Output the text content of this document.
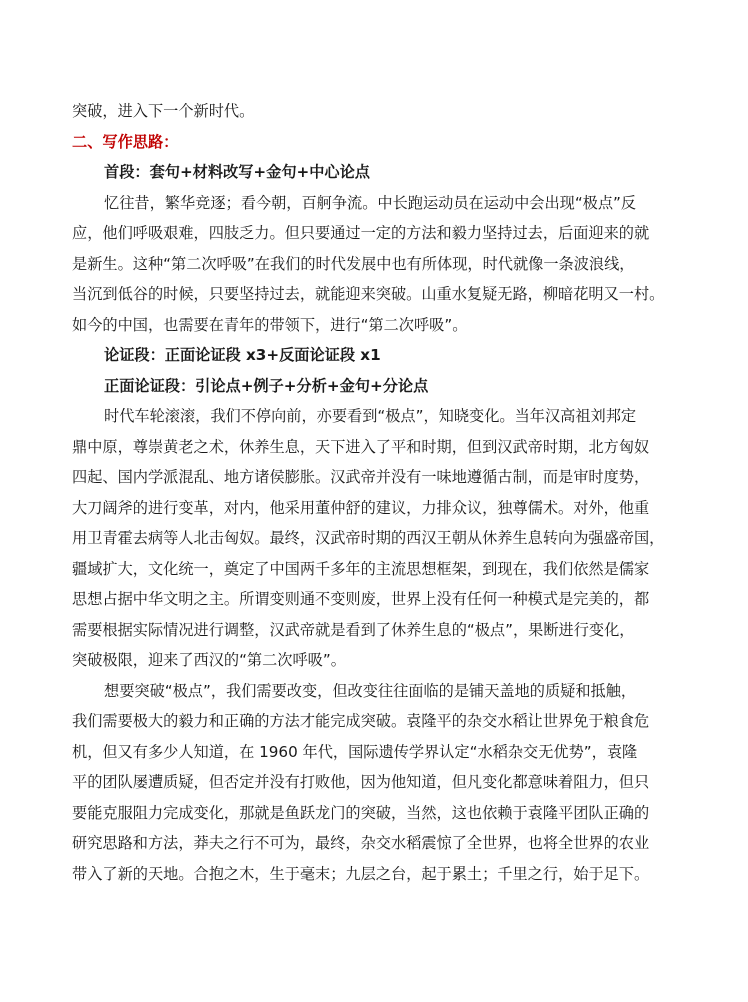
突破，进入下一个新时代。
二、写作思路：
首段：套句+材料改写+金句+中心论点
忆往昔，繁华竞逐；看今朝，百舸争流。中长跑运动员在运动中会出现“极点”反
应，他们呼吸艰难，四肢乏力。但只要通过一定的方法和毅力坚持过去，后面迎来的就
是新生。这种“第二次呼吸”在我们的时代发展中也有所体现，时代就像一条波浪线，
当沉到低谷的时候，只要坚持过去，就能迎来突破。山重水复疑无路，柳暗花明又一村。
如今的中国，也需要在青年的带领下，进行“第二次呼吸”。
论证段：正面论证段 x3+反面论证段 x1
正面论证段：引论点+例子+分析+金句+分论点
时代车轮滚滚，我们不停向前，亦要看到“极点”，知晓变化。当年汉高祖刘邦定
鼎中原，尊崇黄老之术，休养生息，天下进入了平和时期，但到汉武帝时期，北方匈奴
四起、国内学派混乱、地方诸侯膨胀。汉武帝并没有一味地遵循古制，而是审时度势，
大刀阔斧的进行变革，对内，他采用董仲舒的建议，力排众议，独尊儒术。对外，他重
用卫青霍去病等人北击匈奴。最终，汉武帝时期的西汉王朝从休养生息转向为强盛帝国，
疆域扩大，文化统一，奠定了中国两千多年的主流思想框架，到现在，我们依然是儒家
思想占据中华文明之主。所谓变则通不变则废，世界上没有任何一种模式是完美的，都
需要根据实际情况进行调整，汉武帝就是看到了休养生息的“极点”，果断进行变化，
突破极限，迎来了西汉的“第二次呼吸”。
想要突破“极点”，我们需要改变，但改变往往面临的是铺天盖地的质疑和抵触，
我们需要极大的毅力和正确的方法才能完成突破。袁隆平的杂交水稻让世界免于粮食危
机，但又有多少人知道，在 1960 年代，国际遗传学界认定“水稻杂交无优势”，袁隆
平的团队屡遭质疑，但否定并没有打败他，因为他知道，但凡变化都意味着阻力，但只
要能克服阻力完成变化，那就是鱼跃龙门的突破，当然，这也依赖于袁隆平团队正确的
研究思路和方法，莽夫之行不可为，最终，杂交水稻震惊了全世界，也将全世界的农业
带入了新的天地。合抱之木，生于毫末；九层之台，起于累土；千里之行，始于足下。
